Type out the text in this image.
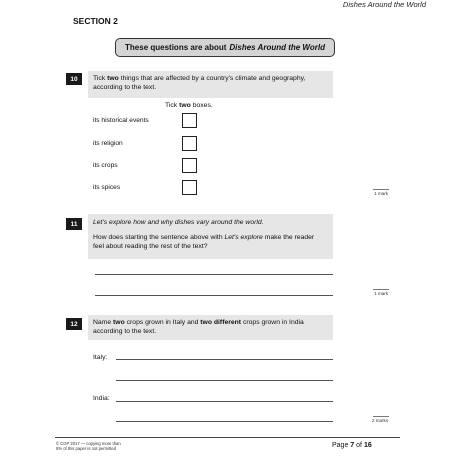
Dishes Around the World
SECTION 2
These questions are about Dishes Around the World
10	Tick two things that are affected by a country's climate and geography,
according to the text.
Tick two boxes.
its historical events
its religion
its crops
its spices
1 mark
11	Let's explore how and why dishes vary around the world.
How does starting the sentence above with Let's explore make the reader
feel about reading the rest of the text?
1 mark
12	Name two crops grown in Italy and two different crops grown in India
according to the text.
Italy:
India:
2 marks
© CGP 2017 — copying more than
5% of this paper is not permitted	Page 7 of 16
